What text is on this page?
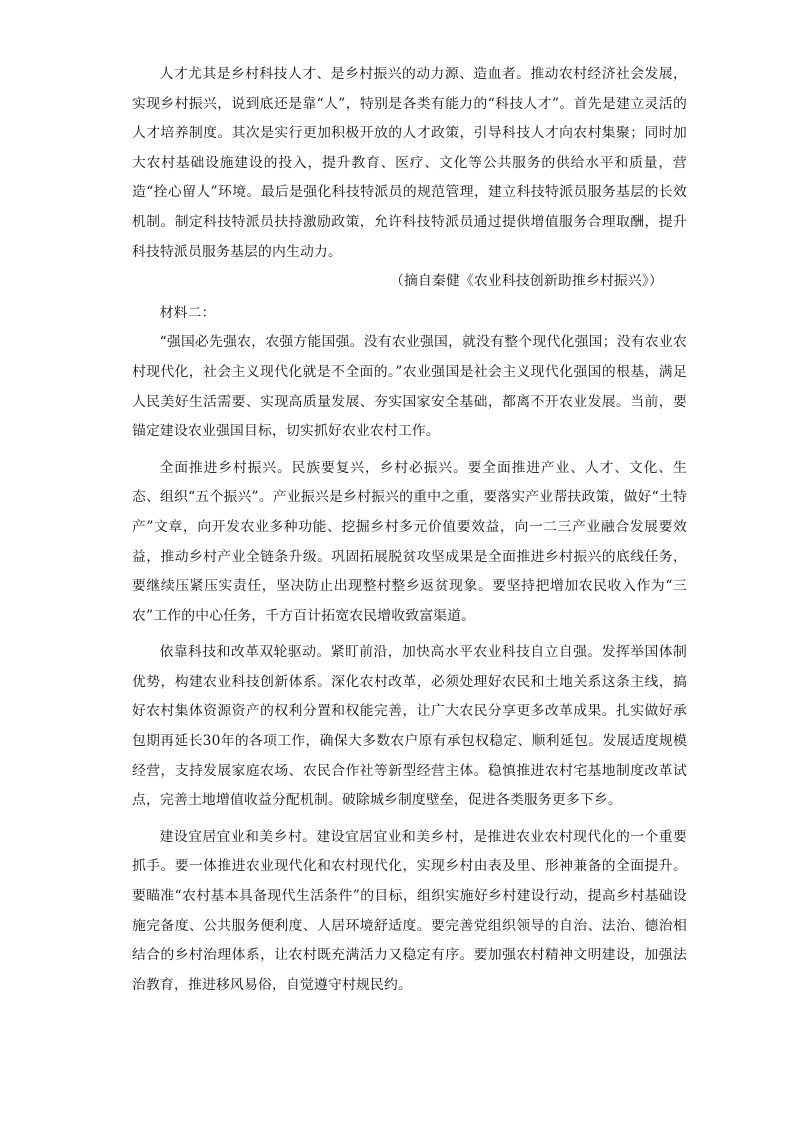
人才尤其是乡村科技人才、是乡村振兴的动力源、造血者。推动农村经济社会发展，实现乡村振兴，说到底还是靠“人”，特别是各类有能力的“科技人才”。首先是建立灵活的人才培养制度。其次是实行更加积极开放的人才政策，引导科技人才向农村集聚；同时加大农村基础设施建设的投入，提升教育、医疗、文化等公共服务的供给水平和质量，营造“拴心留人”环境。最后是强化科技特派员的规范管理，建立科技特派员服务基层的长效机制。制定科技特派员扶持激励政策，允许科技特派员通过提供增值服务合理取酬，提升科技特派员服务基层的内生动力。

（摘自秦健《农业科技创新助推乡村振兴》）

材料二：

“强国必先强农，农强方能国强。没有农业强国，就没有整个现代化强国；没有农业农村现代化，社会主义现代化就是不全面的。”农业强国是社会主义现代化强国的根基，满足人民美好生活需要、实现高质量发展、夯实国家安全基础，都离不开农业发展。当前，要锚定建设农业强国目标，切实抓好农业农村工作。

全面推进乡村振兴。民族要复兴，乡村必振兴。要全面推进产业、人才、文化、生态、组织“五个振兴”。产业振兴是乡村振兴的重中之重，要落实产业帮扶政策，做好“土特产”文章，向开发农业多种功能、挖掘乡村多元价值要效益，向一二三产业融合发展要效益，推动乡村产业全链条升级。巩固拓展脱贫攻坚成果是全面推进乡村振兴的底线任务，要继续压紧压实责任，坚决防止出现整村整乡返贫现象。要坚持把增加农民收入作为“三农”工作的中心任务，千方百计拓宽农民增收致富渠道。

依靠科技和改革双轮驱动。紧盯前沿，加快高水平农业科技自立自强。发挥举国体制优势，构建农业科技创新体系。深化农村改革，必须处理好农民和土地关系这条主线，搞好农村集体资源资产的权利分置和权能完善，让广大农民分享更多改革成果。扎实做好承包期再延长30年的各项工作，确保大多数农户原有承包权稳定、顺利延包。发展适度规模经营，支持发展家庭农场、农民合作社等新型经营主体。稳慎推进农村宅基地制度改革试点，完善土地增值收益分配机制。破除城乡制度壁垒，促进各类服务更多下乡。

建设宜居宜业和美乡村。建设宜居宜业和美乡村，是推进农业农村现代化的一个重要抓手。要一体推进农业现代化和农村现代化，实现乡村由表及里、形神兼备的全面提升。要瞄准“农村基本具备现代生活条件”的目标，组织实施好乡村建设行动，提高乡村基础设施完备度、公共服务便利度、人居环境舒适度。要完善党组织领导的自治、法治、德治相结合的乡村治理体系，让农村既充满活力又稳定有序。要加强农村精神文明建设，加强法治教育，推进移风易俗，自觉遵守村规民约。
